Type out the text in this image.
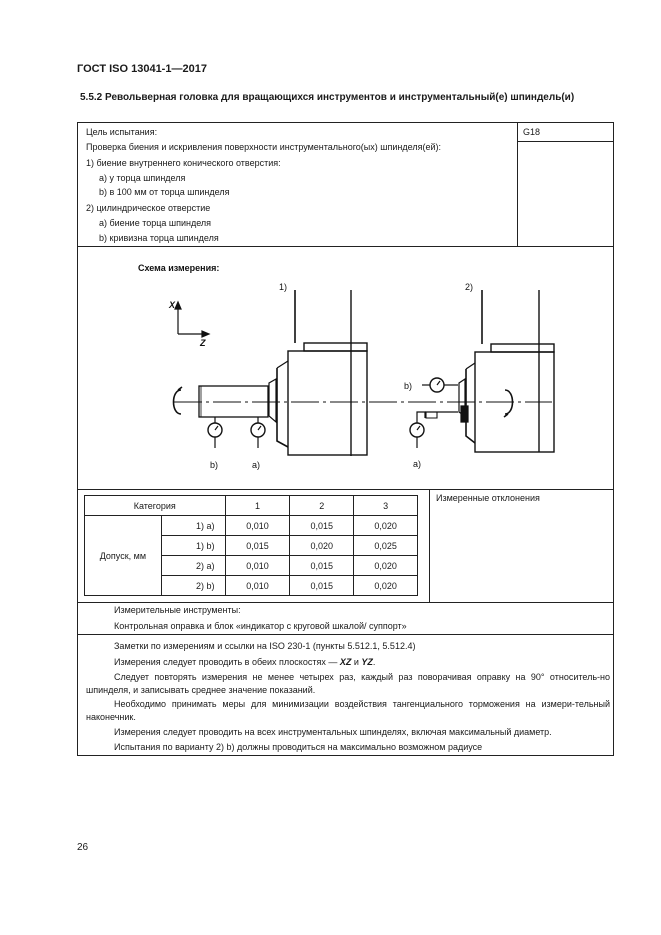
ГОСТ ISO 13041-1—2017
5.5.2 Револьверная головка для вращающихся инструментов и инструментальный(е) шпиндель(и)
Цель испытания:	G18
Проверка биения и искривления поверхности инструментального(ых) шпинделя(ей):
1) биение внутреннего конического отверстия:
a) у торца шпинделя
b) в 100 мм от торца шпинделя
2) цилиндрическое отверстие
a) биение торца шпинделя
b) кривизна торца шпинделя
Схема измерения:
1)	2)
X
Z
b)	a)
b)
a)
Категория		1	2	3
Допуск, мм	1) a)	0,010	0,015	0,020
	1) b)	0,015	0,020	0,025
	2) a)	0,010	0,015	0,020
	2) b)	0,010	0,015	0,020
Измеренные отклонения
Измерительные инструменты:
Контрольная оправка и блок «индикатор с круговой шкалой/ суппорт»
Заметки по измерениям и ссылки на ISO 230-1 (пункты 5.512.1, 5.512.4)
Измерения следует проводить в обеих плоскостях — XZ и YZ.
Следует повторять измерения не менее четырех раз, каждый раз поворачивая оправку на 90° относитель-но шпинделя, и записывать среднее значение показаний.
Необходимо принимать меры для минимизации воздействия тангенциального торможения на измери-тельный наконечник.
Измерения следует проводить на всех инструментальных шпинделях, включая максимальный диаметр.
Испытания по варианту 2) b) должны проводиться на максимально возможном радиусе
26
